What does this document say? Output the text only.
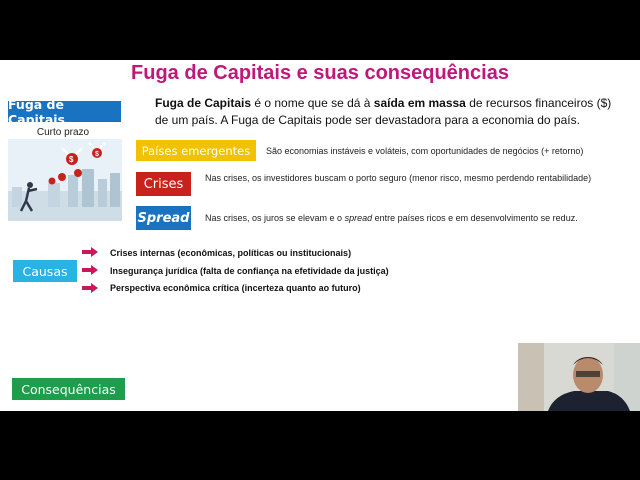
Fuga de Capitais e suas consequências
Fuga de Capitais
Curto prazo
$
$
Fuga de Capitais é o nome que se dá à saída em massa de recursos financeiros ($) de um país. A Fuga de Capitais pode ser devastadora para a economia do país.
Países emergentes	São economias instáveis e voláteis, com oportunidades de negócios (+ retorno)
Crises	Nas crises, os investidores buscam o porto seguro (menor risco, mesmo perdendo rentabilidade)
Spread Nas crises, os juros se elevam e o spread entre países ricos e em desenvolvimento se reduz.
Causas
Crises internas (econômicas, políticas ou institucionais)
Insegurança jurídica (falta de confiança na efetividade da justiça)
Perspectiva econômica crítica (incerteza quanto ao futuro)
Consequências
